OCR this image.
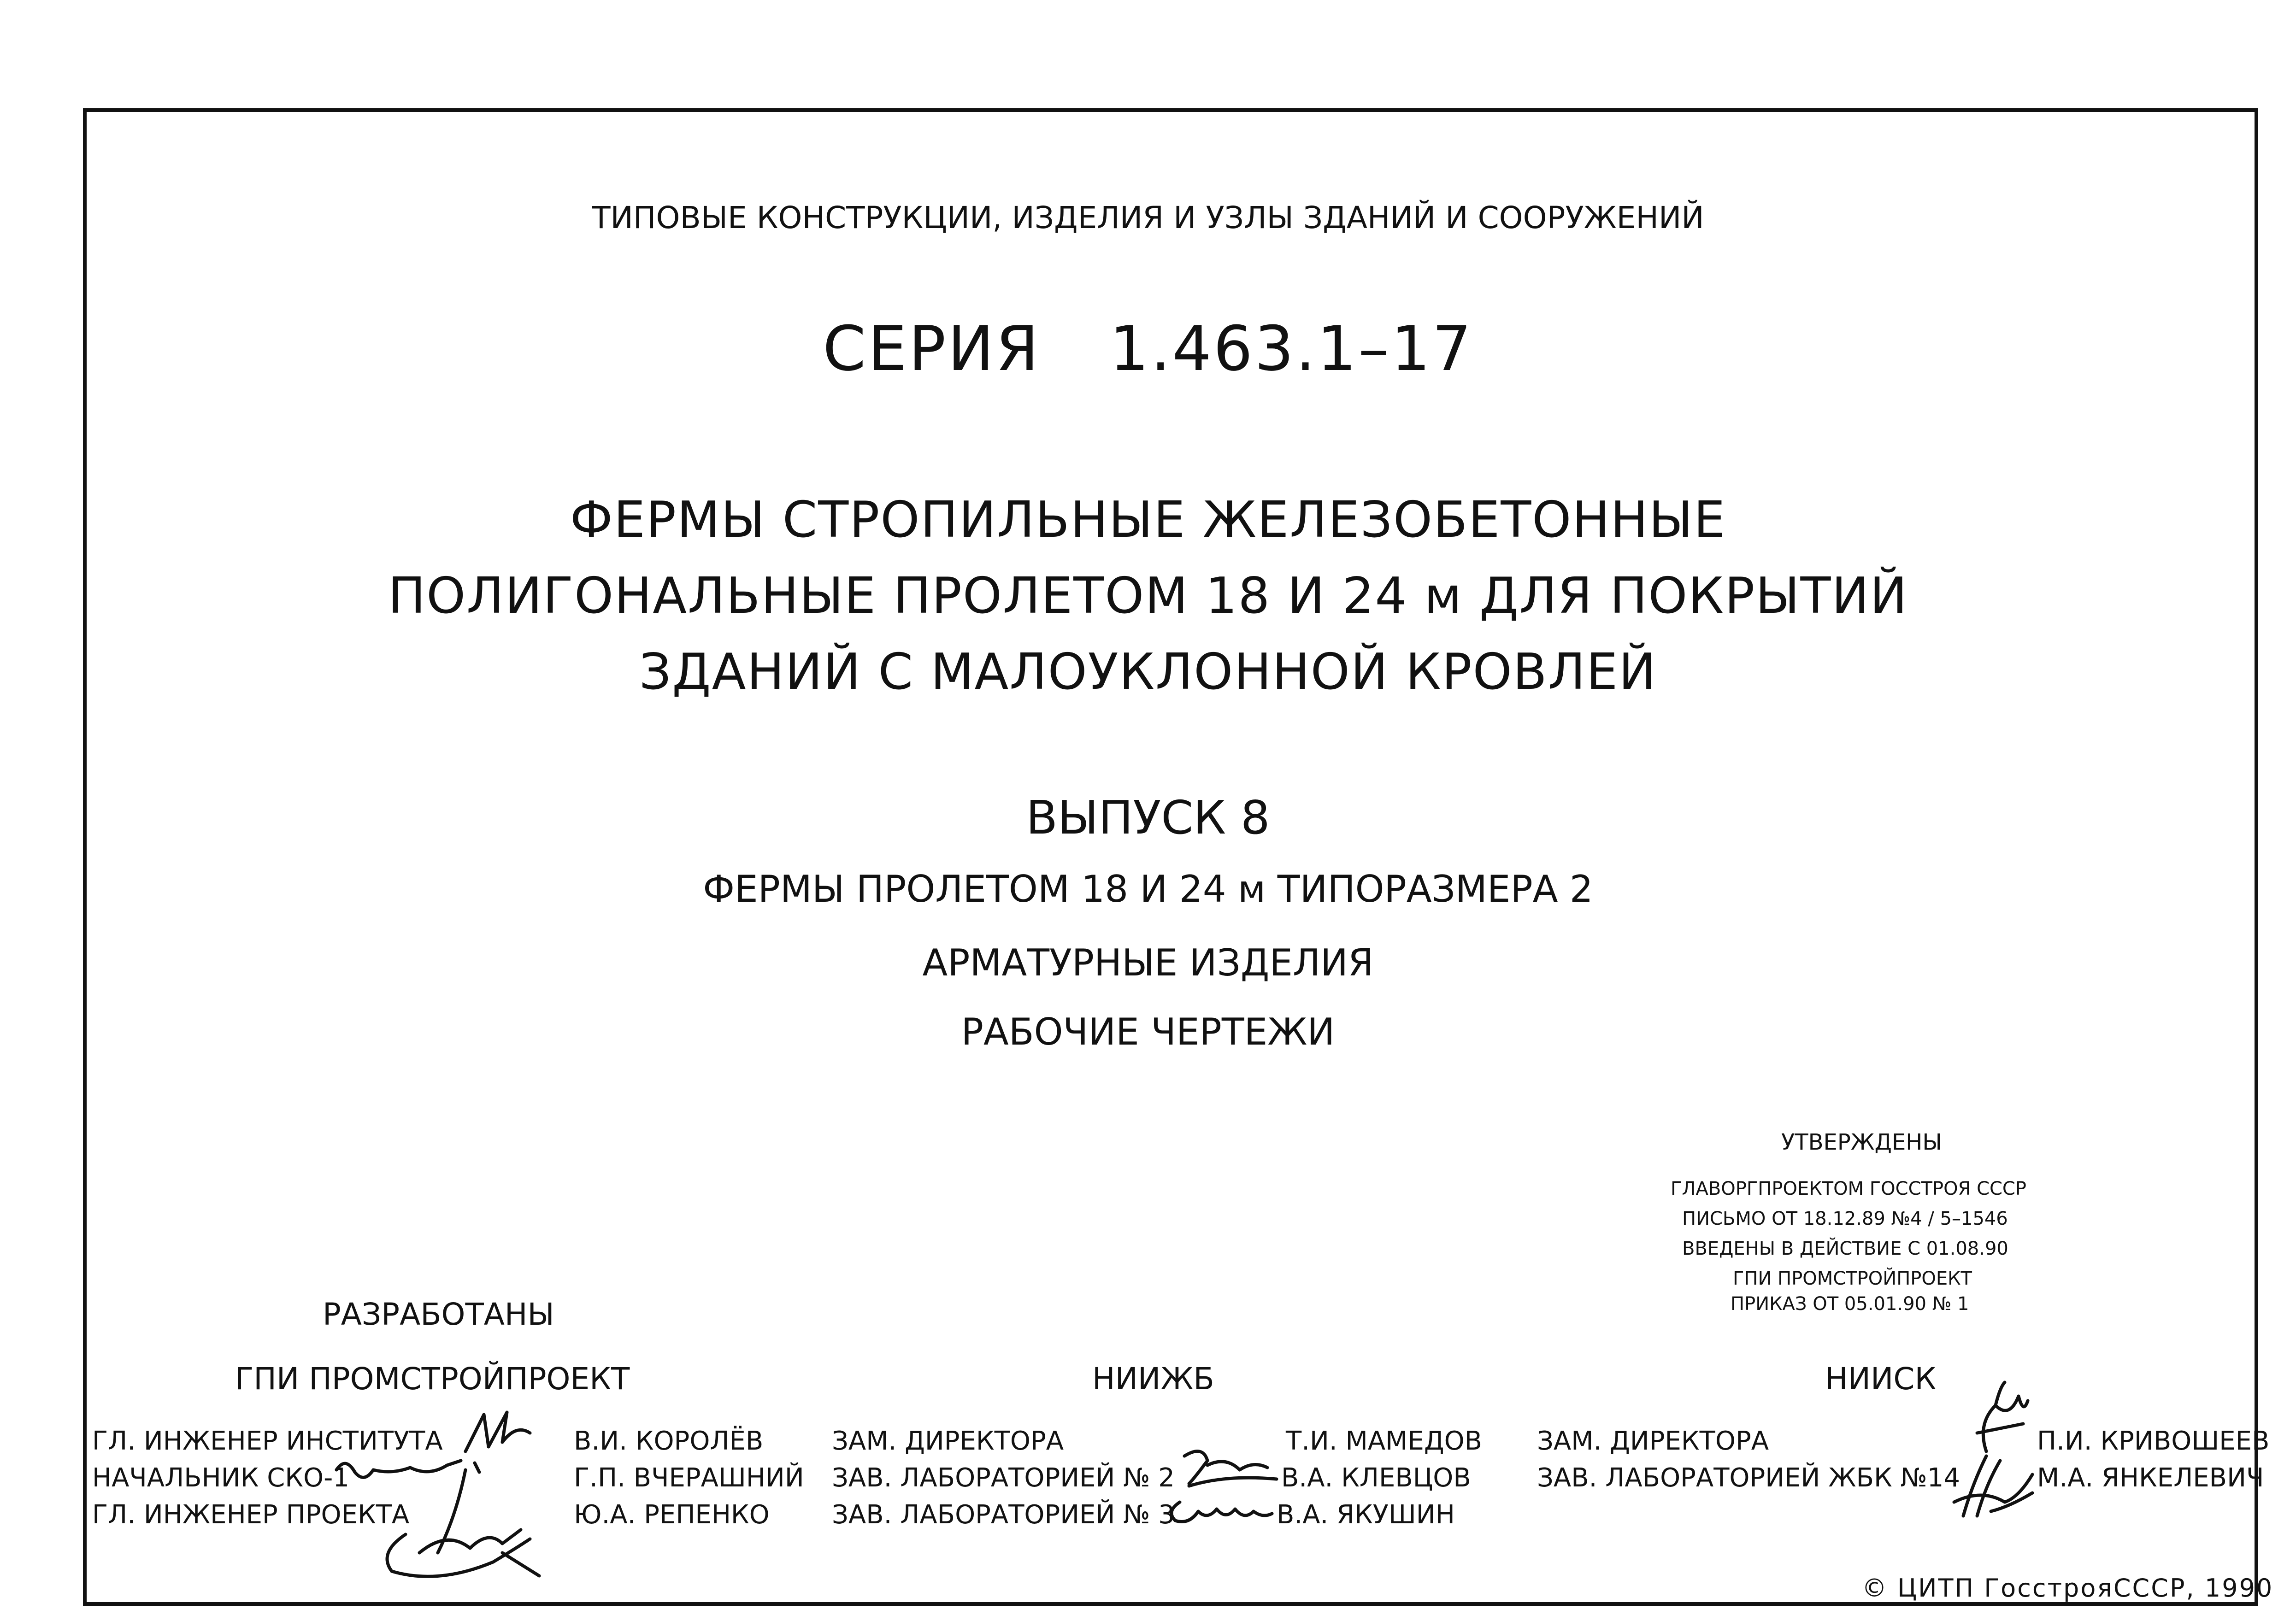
ТИПОВЫЕ КОНСТРУКЦИИ, ИЗДЕЛИЯ И УЗЛЫ ЗДАНИЙ И СООРУЖЕНИЙ
СЕРИЯ 1.463.1–17
ФЕРМЫ СТРОПИЛЬНЫЕ ЖЕЛЕЗОБЕТОННЫЕ
ПОЛИГОНАЛЬНЫЕ ПРОЛЕТОМ 18 И 24 м ДЛЯ ПОКРЫТИЙ
ЗДАНИЙ С МАЛОУКЛОННОЙ КРОВЛЕЙ
ВЫПУСК 8
ФЕРМЫ ПРОЛЕТОМ 18 И 24 м ТИПОРАЗМЕРА 2
АРМАТУРНЫЕ ИЗДЕЛИЯ
РАБОЧИЕ ЧЕРТЕЖИ
УТВЕРЖДЕНЫ
ГЛАВОРГПРОЕКТОМ ГОССТРОЯ СССР
ПИСЬМО ОТ 18.12.89 №4 / 5–1546
ВВЕДЕНЫ В ДЕЙСТВИЕ С 01.08.90
ГПИ ПРОМСТРОЙПРОЕКТ
ПРИКАЗ ОТ 05.01.90 № 1
РАЗРАБОТАНЫ
ГПИ ПРОМСТРОЙПРОЕКТ
ГЛ. ИНЖЕНЕР ИНСТИТУТА	В.И. КОРОЛЁВ
НАЧАЛЬНИК СКО-1	Г.П. ВЧЕРАШНИЙ
ГЛ. ИНЖЕНЕР ПРОЕКТА	Ю.А. РЕПЕНКО
НИИЖБ
ЗАМ. ДИРЕКТОРА	Т.И. МАМЕДОВ
ЗАВ. ЛАБОРАТОРИЕЙ № 2	В.А. КЛЕВЦОВ
ЗАВ. ЛАБОРАТОРИЕЙ № 3	В.А. ЯКУШИН
НИИСК
ЗАМ. ДИРЕКТОРА	П.И. КРИВОШЕЕВ
ЗАВ. ЛАБОРАТОРИЕЙ ЖБК №14	М.А. ЯНКЕЛЕВИЧ
© ЦИТП ГосстрояСССР, 1990
